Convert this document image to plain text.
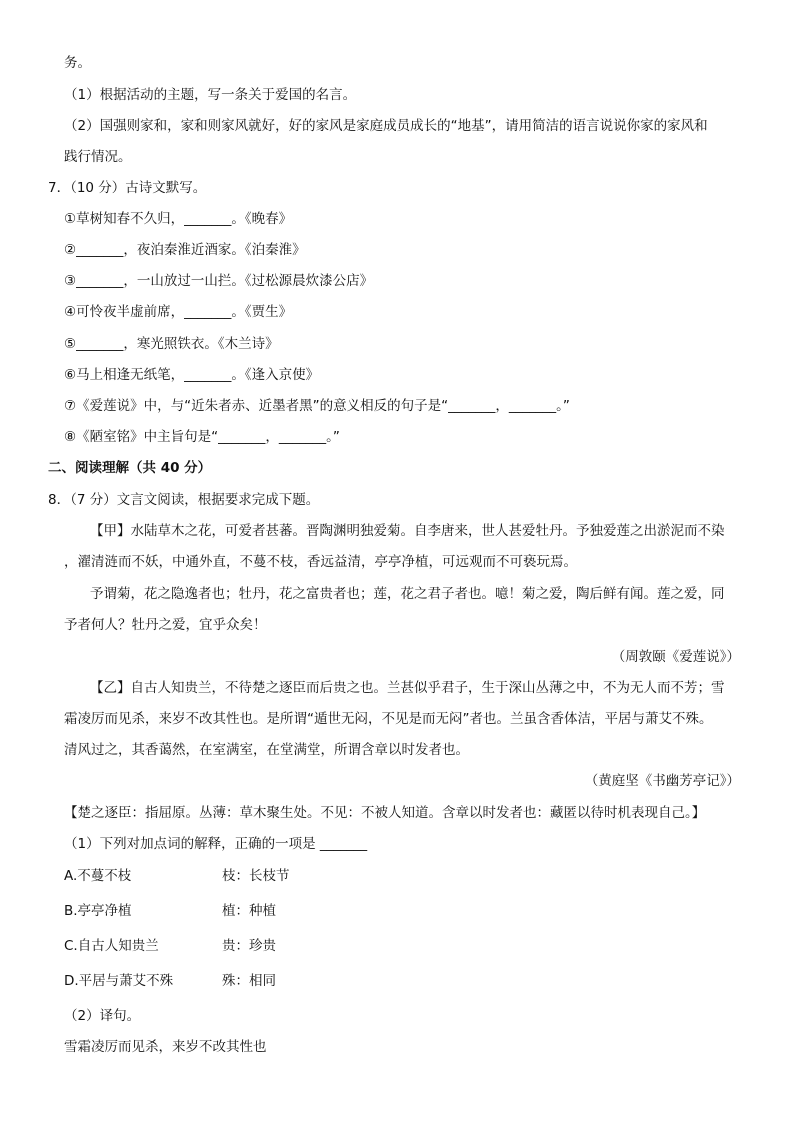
务。
（1）根据活动的主题，写一条关于爱国的名言。
（2）国强则家和，家和则家风就好，好的家风是家庭成员成长的“地基”，请用简洁的语言说说你家的家风和
践行情况。
7．（10 分）古诗文默写。
①草树知春不久归，_______。《晚春》
②_______，夜泊秦淮近酒家。《泊秦淮》
③_______，一山放过一山拦。《过松源晨炊漆公店》
④可怜夜半虚前席，_______。《贾生》
⑤_______，寒光照铁衣。《木兰诗》
⑥马上相逢无纸笔，_______。《逢入京使》
⑦《爱莲说》中，与“近朱者赤、近墨者黑”的意义相反的句子是“_______，_______。”
⑧《陋室铭》中主旨句是“_______，_______。”
二、阅读理解（共 40 分）
8．（7 分）文言文阅读，根据要求完成下题。
【甲】水陆草木之花，可爱者甚蕃。晋陶渊明独爱菊。自李唐来，世人甚爱牡丹。予独爱莲之出淤泥而不染
，濯清涟而不妖，中通外直，不蔓不枝，香远益清，亭亭净植，可远观而不可亵玩焉。
予谓菊，花之隐逸者也；牡丹，花之富贵者也；莲，花之君子者也。噫！菊之爱，陶后鲜有闻。莲之爱，同
予者何人？牡丹之爱，宜乎众矣！
（周敦颐《爱莲说》）
【乙】自古人知贵兰，不待楚之逐臣而后贵之也。兰甚似乎君子，生于深山丛薄之中，不为无人而不芳；雪
霜凌厉而见杀，来岁不改其性也。是所谓“遁世无闷，不见是而无闷”者也。兰虽含香体洁，平居与萧艾不殊。
清风过之，其香蔼然，在室满室，在堂满堂，所谓含章以时发者也。
（黄庭坚《书幽芳亭记》）
【楚之逐臣：指屈原。丛薄：草木聚生处。不见：不被人知道。含章以时发者也：藏匿以待时机表现自己。】
（1）下列对加点词的解释，正确的一项是 _______
A.不蔓不枝	枝：长枝节
B.亭亭净植	植：种植
C.自古人知贵兰	贵：珍贵
D.平居与萧艾不殊	殊：相同
（2）译句。
雪霜凌厉而见杀，来岁不改其性也
